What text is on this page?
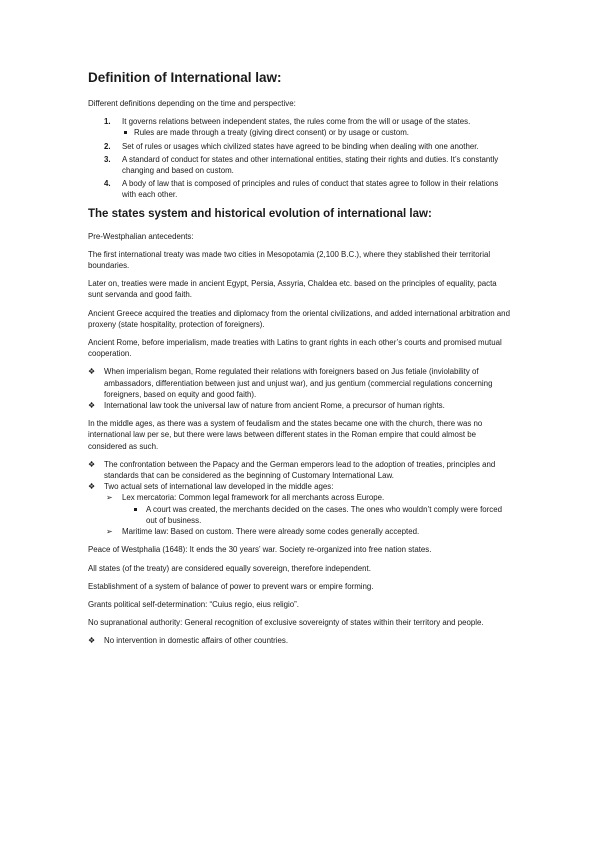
Definition of International law:

Different definitions depending on the time and perspective:

1. It governs relations between independent states, the rules come from the will or usage of the states.
Rules are made through a treaty (giving direct consent) or by usage or custom.
2. Set of rules or usages which civilized states have agreed to be binding when dealing with one another.
3. A standard of conduct for states and other international entities, stating their rights and duties. It’s constantly changing and based on custom.
4. A body of law that is composed of principles and rules of conduct that states agree to follow in their relations with each other.
The states system and historical evolution of international law:

Pre-Westphalian antecedents:

The first international treaty was made two cities in Mesopotamia (2,100 B.C.), where they stablished their territorial boundaries.

Later on, treaties were made in ancient Egypt, Persia, Assyria, Chaldea etc. based on the principles of equality, pacta sunt servanda and good faith.

Ancient Greece acquired the treaties and diplomacy from the oriental civilizations, and added international arbitration and proxeny (state hospitality, protection of foreigners).

Ancient Rome, before imperialism, made treaties with Latins to grant rights in each other’s courts and promised mutual cooperation.

❖ When imperialism began, Rome regulated their relations with foreigners based on Jus fetiale (inviolability of ambassadors, differentiation between just and unjust war), and jus gentium (commercial regulations concerning foreigners, based on equity and good faith).
❖ International law took the universal law of nature from ancient Rome, a precursor of human rights.

In the middle ages, as there was a system of feudalism and the states became one with the church, there was no international law per se, but there were laws between different states in the Roman empire that could almost be considered as such.

❖ The confrontation between the Papacy and the German emperors lead to the adoption of treaties, principles and standards that can be considered as the beginning of Customary International Law.
❖ Two actual sets of international law developed in the middle ages:
➢ Lex mercatoria: Common legal framework for all merchants across Europe.
A court was created, the merchants decided on the cases. The ones who wouldn’t comply were forced out of business.
➢ Maritime law: Based on custom. There were already some codes generally accepted.

Peace of Westphalia (1648): It ends the 30 years’ war. Society re-organized into free nation states.

All states (of the treaty) are considered equally sovereign, therefore independent.

Establishment of a system of balance of power to prevent wars or empire forming.

Grants political self-determination: “Cuius regio, eius religio”.

No supranational authority: General recognition of exclusive sovereignty of states within their territory and people.

❖ No intervention in domestic affairs of other countries.
